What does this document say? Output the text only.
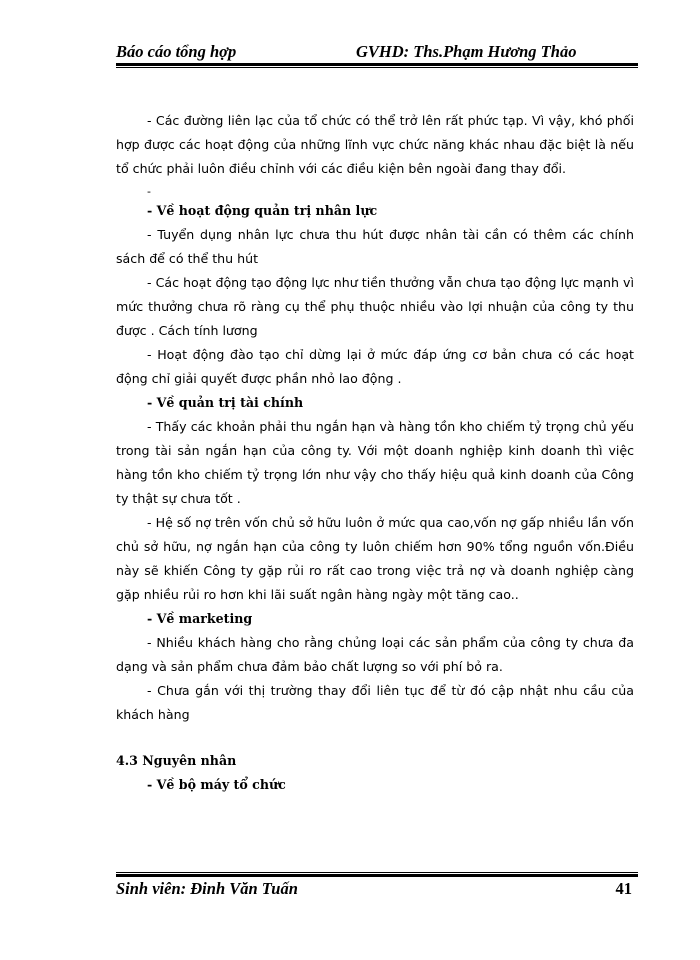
Báo cáo tổng hợp	GVHD: Ths.Phạm Hương Thảo

- Các đường liên lạc của tổ chức có thể trở lên rất phức tạp. Vì vậy, khó phối hợp được các hoạt động của những lĩnh vực chức năng khác nhau đặc biệt là nếu tổ chức phải luôn điều chỉnh với các điều kiện bên ngoài đang thay đổi.

-

- Về hoạt động quản trị nhân lực

- Tuyển dụng nhân lực chưa thu hút được nhân tài cần có thêm các chính sách để có thể thu hút

- Các hoạt động tạo động lực như tiền thưởng vẫn chưa tạo động lực mạnh vì mức thưởng chưa rõ ràng cụ thể phụ thuộc nhiều vào lợi nhuận của công ty thu được . Cách tính lương

- Hoạt động đào tạo chỉ dừng lại ở mức đáp ứng cơ bản chưa có các hoạt động chỉ giải quyết được phần nhỏ lao động .

- Về quản trị tài chính

- Thấy các khoản phải thu ngắn hạn và hàng tồn kho chiếm tỷ trọng chủ yếu trong tài sản ngắn hạn của công ty. Với một doanh nghiệp kinh doanh thì việc hàng tồn kho chiếm tỷ trọng lớn như vậy cho thấy hiệu quả kinh doanh của Công ty thật sự chưa tốt .

- Hệ số nợ trên vốn chủ sở hữu luôn ở mức qua cao,vốn nợ gấp nhiều lần vốn chủ sở hữu, nợ ngắn hạn của công ty luôn chiếm hơn 90% tổng nguồn vốn.Điều này sẽ khiến Công ty gặp rủi ro rất cao trong việc trả nợ và doanh nghiệp càng gặp nhiều rủi ro hơn khi lãi suất ngân hàng ngày một tăng cao..

- Về marketing

- Nhiều khách hàng cho rằng chủng loại các sản phẩm của công ty chưa đa dạng và sản phẩm chưa đảm bảo chất lượng so với phí bỏ ra.

- Chưa gắn với thị trường thay đổi liên tục để từ đó cập nhật nhu cầu của khách hàng

4.3 Nguyên nhân

- Về bộ máy tổ chức

Sinh viên: Đinh Văn Tuấn	41
